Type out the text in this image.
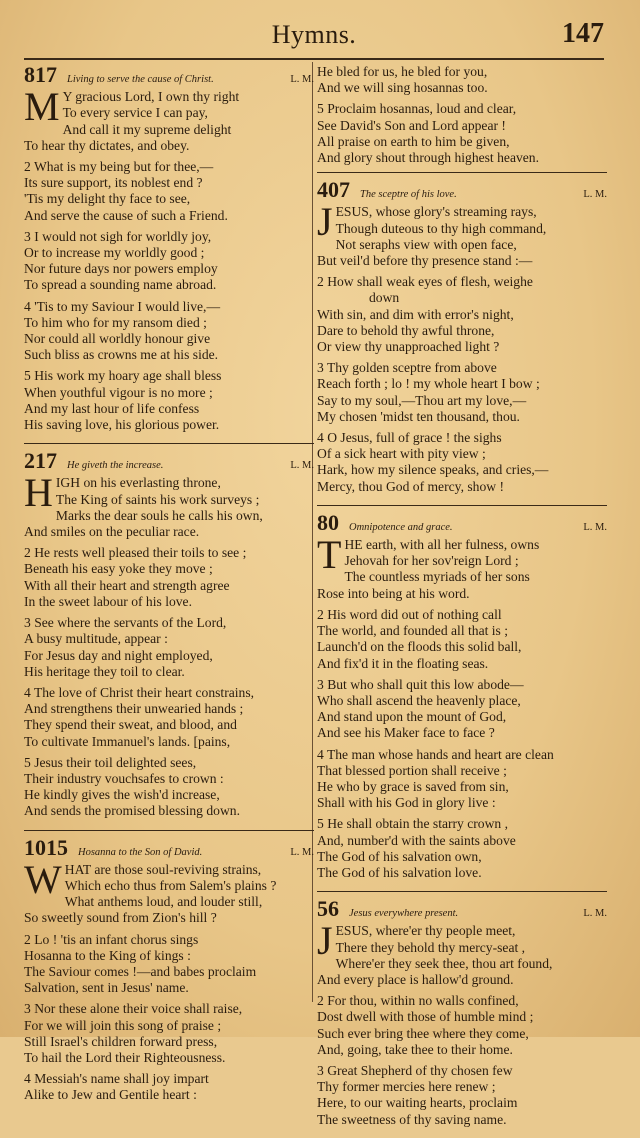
Hymns.	147
817 Living to serve the cause of Christ.	L. M.
M Y gracious Lord, I own thy right
To every service I can pay,
And call it my supreme delight
To hear thy dictates, and obey.
2 What is my being but for thee,—
Its sure support, its noblest end ?
'Tis my delight thy face to see,
And serve the cause of such a Friend.
3 I would not sigh for worldly joy,
Or to increase my worldly good ;
Nor future days nor powers employ
To spread a sounding name abroad.
4 'Tis to my Saviour I would live,—
To him who for my ransom died ;
Nor could all worldly honour give
Such bliss as crowns me at his side.
5 His work my hoary age shall bless
When youthful vigour is no more ;
And my last hour of life confess
His saving love, his glorious power.
217 He giveth the increase.	L. M.
H IGH on his everlasting throne,
The King of saints his work surveys ;
Marks the dear souls he calls his own,
And smiles on the peculiar race.
2 He rests well pleased their toils to see ;
Beneath his easy yoke they move ;
With all their heart and strength agree
In the sweet labour of his love.
3 See where the servants of the Lord,
A busy multitude, appear :
For Jesus day and night employed,
His heritage they toil to clear.
4 The love of Christ their heart constrains,
And strengthens their unwearied hands ;
They spend their sweat, and blood, and
To cultivate Immanuel's lands. [pains,
5 Jesus their toil delighted sees,
Their industry vouchsafes to crown :
He kindly gives the wish'd increase,
And sends the promised blessing down.
1015 Hosanna to the Son of David.	L. M.
W HAT are those soul-reviving strains,
Which echo thus from Salem's plains ?
What anthems loud, and louder still,
So sweetly sound from Zion's hill ?
2 Lo ! 'tis an infant chorus sings
Hosanna to the King of kings :
The Saviour comes !—and babes proclaim
Salvation, sent in Jesus' name.
3 Nor these alone their voice shall raise,
For we will join this song of praise ;
Still Israel's children forward press,
To hail the Lord their Righteousness.
4 Messiah's name shall joy impart
Alike to Jew and Gentile heart :
He bled for us, he bled for you,
And we will sing hosannas too.
5 Proclaim hosannas, loud and clear,
See David's Son and Lord appear !
All praise on earth to him be given,
And glory shout through highest heaven.
407 The sceptre of his love.	L. M.
J ESUS, whose glory's streaming rays,
Though duteous to thy high command,
Not seraphs view with open face,
But veil'd before thy presence stand :—
2 How shall weak eyes of flesh, weighe
down
With sin, and dim with error's night,
Dare to behold thy awful throne,
Or view thy unapproached light ?
3 Thy golden sceptre from above
Reach forth ; lo ! my whole heart I bow ;
Say to my soul,—Thou art my love,—
My chosen 'midst ten thousand, thou.
4 O Jesus, full of grace ! the sighs
Of a sick heart with pity view ;
Hark, how my silence speaks, and cries,—
Mercy, thou God of mercy, show !
80 Omnipotence and grace.	L. M.
T HE earth, with all her fulness, owns
Jehovah for her sov'reign Lord ;
The countless myriads of her sons
Rose into being at his word.
2 His word did out of nothing call
The world, and founded all that is ;
Launch'd on the floods this solid ball,
And fix'd it in the floating seas.
3 But who shall quit this low abode—
Who shall ascend the heavenly place,
And stand upon the mount of God,
And see his Maker face to face ?
4 The man whose hands and heart are clean
That blessed portion shall receive ;
He who by grace is saved from sin,
Shall with his God in glory live :
5 He shall obtain the starry crown ,
And, number'd with the saints above
The God of his salvation own,
The God of his salvation love.
56 Jesus everywhere present.	L. M.
J ESUS, where'er thy people meet,
There they behold thy mercy-seat ,
Where'er they seek thee, thou art found,
And every place is hallow'd ground.
2 For thou, within no walls confined,
Dost dwell with those of humble mind ;
Such ever bring thee where they come,
And, going, take thee to their home.
3 Great Shepherd of thy chosen few
Thy former mercies here renew ;
Here, to our waiting hearts, proclaim
The sweetness of thy saving name.
